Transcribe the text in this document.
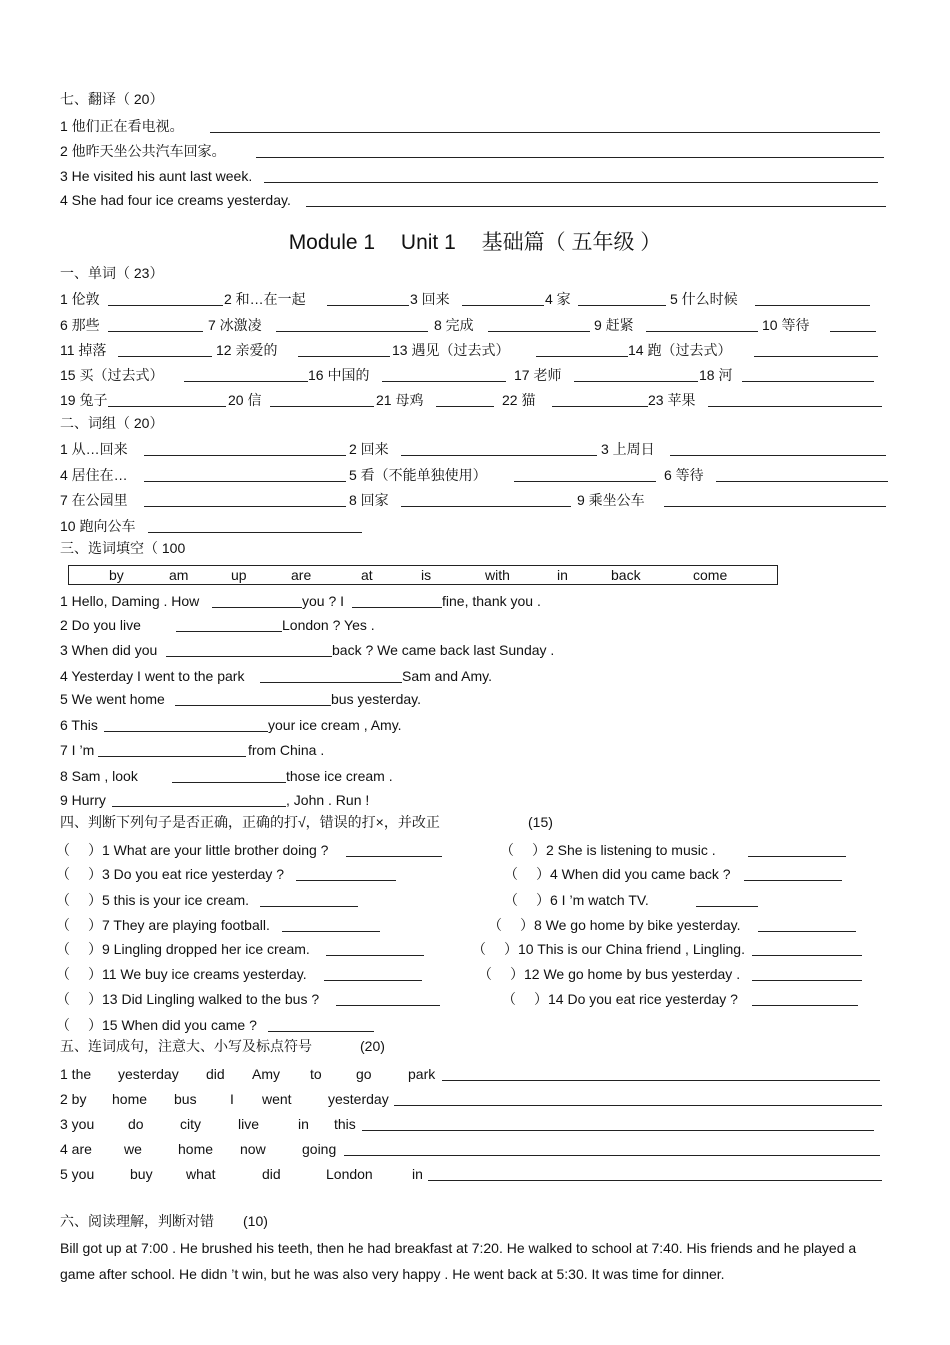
七、翻译（ 20）
1 他们正在看电视。
2 他昨天坐公共汽车回家。
3 He visited his aunt last week.
4 She had four ice creams yesterday.
Module 1 Unit 1 基础篇（ 五年级 ）
一、单词（ 23）
1 伦敦	2 和…在一起	3 回来	4 家	5 什么时候
6 那些	7 冰激凌	8 完成	9 赶紧	10 等待
11 掉落	12 亲爱的	13 遇见（过去式）	14 跑（过去式）
15 买（过去式）	16 中国的	17 老师	18 河
19 兔子	20 信	21 母鸡	22 猫	23 苹果
二、词组（ 20）
1 从…回来	2 回来	3 上周日
4 居住在…	5 看（不能单独使用）	6 等待
7 在公园里	8 回家	9 乘坐公车
10 跑向公车
三、选词填空（ 100
by	am	up	are	at	is	with	in	back	come
1 Hello, Daming . How	you ? I	fine, thank you .
2 Do you live	London ? Yes .
3 When did you	back ? We came back last Sunday .
4 Yesterday I went to the park	Sam and Amy.
5 We went home	bus yesterday.
6 This	your ice cream , Amy.
7 I ’m	from China .
8 Sam , look	those ice cream .
9 Hurry	, John . Run !
四、判断下列句子是否正确，正确的打√，错误的打×，并改正	(15)
（ ）1 What are your little brother doing ?	（ ）2 She is listening to music .
（ ）3 Do you eat rice yesterday ?	（ ）4 When did you came back ?
（ ）5 this is your ice cream.	（ ）6 I ’m watch TV.
（ ）7 They are playing football.	（ ）8 We go home by bike yesterday.
（ ）9 Lingling dropped her ice cream.	（ ）10 This is our China friend , Lingling.
（ ）11 We buy ice creams yesterday.	（ ）12 We go home by bus yesterday .
（ ）13 Did Lingling walked to the bus ?	（ ）14 Do you eat rice yesterday ?
（ ）15 When did you came ?
五、连词成句，注意大、小写及标点符号	(20)
1 the yesterday did Amy to go	park
2 by home bus I went	yesterday
3 you do	city	live	in this
4 are we	home now	going
5 you	buy what	did	London	in
六、阅读理解，判断对错 (10)
Bill got up at 7:00 . He brushed his teeth, then he had breakfast at 7:20. He walked to school at 7:40. His friends and he played a game after school. He didn ’t win, but he was also very happy . He went back at 5:30. It was time for dinner.
